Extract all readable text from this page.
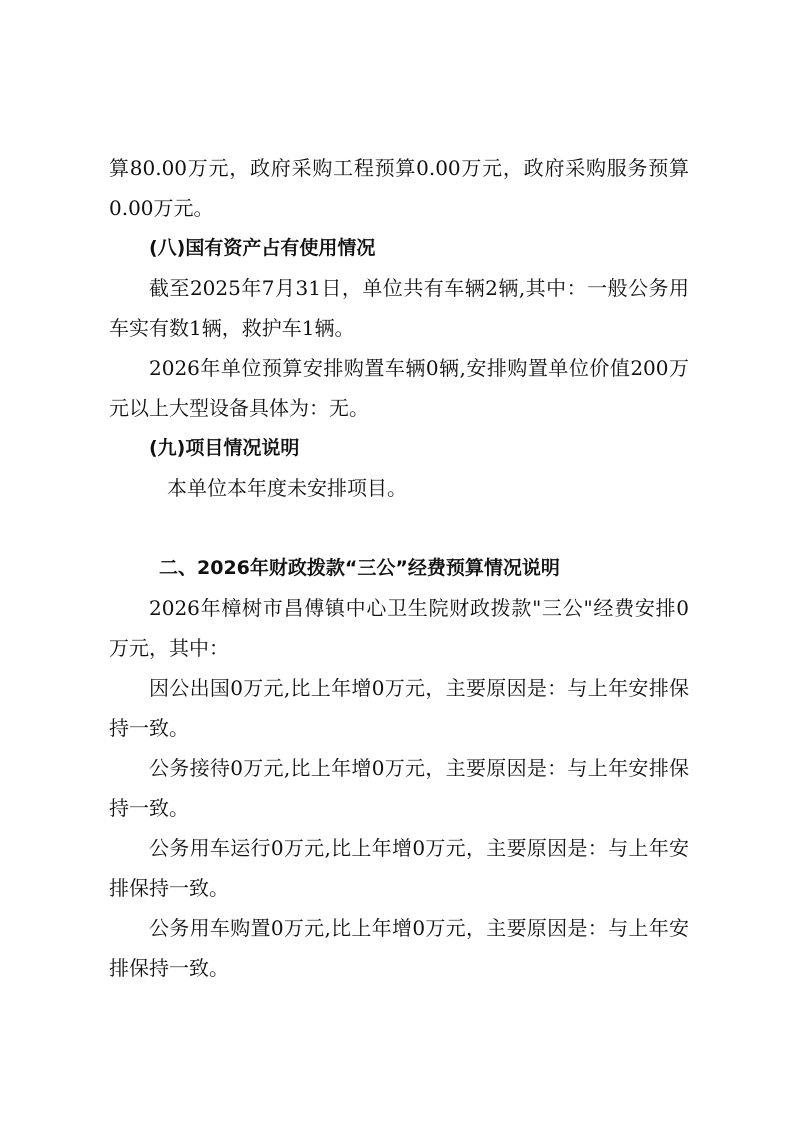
算80.00万元，政府采购工程预算0.00万元，政府采购服务预算0.00万元。

(八)国有资产占有使用情况

截至2025年7月31日，单位共有车辆2辆,其中：一般公务用车实有数1辆，救护车1辆。

2026年单位预算安排购置车辆0辆,安排购置单位价值200万元以上大型设备具体为：无。

(九)项目情况说明

本单位本年度未安排项目。

二、2026年财政拨款“三公”经费预算情况说明

2026年樟树市昌傅镇中心卫生院财政拨款"三公"经费安排0万元，其中：

因公出国0万元,比上年增0万元，主要原因是：与上年安排保持一致。

公务接待0万元,比上年增0万元，主要原因是：与上年安排保持一致。

公务用车运行0万元,比上年增0万元，主要原因是：与上年安排保持一致。

公务用车购置0万元,比上年增0万元，主要原因是：与上年安排保持一致。
